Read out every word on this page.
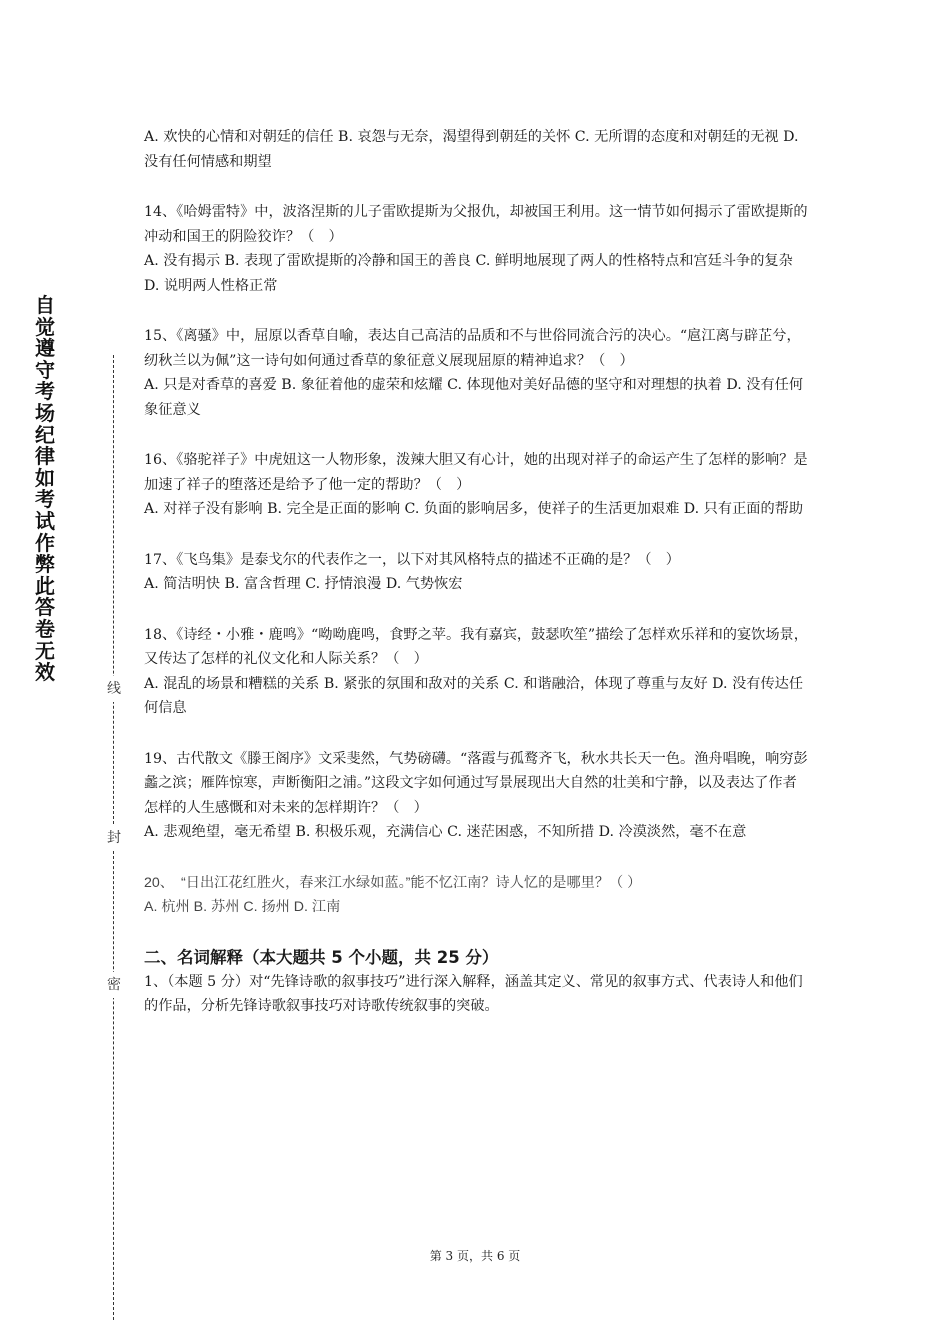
自觉遵守考场纪律如考试作弊此答卷无效
线
封
密

A. 欢快的心情和对朝廷的信任 B. 哀怨与无奈，渴望得到朝廷的关怀 C. 无所谓的态度和对朝廷的无视 D. 没有任何情感和期望

14、《哈姆雷特》中，波洛涅斯的儿子雷欧提斯为父报仇，却被国王利用。这一情节如何揭示了雷欧提斯的冲动和国王的阴险狡诈？（　）

A. 没有揭示 B. 表现了雷欧提斯的冷静和国王的善良 C. 鲜明地展现了两人的性格特点和宫廷斗争的复杂 D. 说明两人性格正常

15、《离骚》中，屈原以香草自喻，表达自己高洁的品质和不与世俗同流合污的决心。“扈江离与辟芷兮，纫秋兰以为佩”这一诗句如何通过香草的象征意义展现屈原的精神追求？（　）

A. 只是对香草的喜爱 B. 象征着他的虚荣和炫耀 C. 体现他对美好品德的坚守和对理想的执着 D. 没有任何象征意义

16、《骆驼祥子》中虎妞这一人物形象，泼辣大胆又有心计，她的出现对祥子的命运产生了怎样的影响？是加速了祥子的堕落还是给予了他一定的帮助？（　）

A. 对祥子没有影响 B. 完全是正面的影响 C. 负面的影响居多，使祥子的生活更加艰难 D. 只有正面的帮助

17、《飞鸟集》是泰戈尔的代表作之一，以下对其风格特点的描述不正确的是？（　）

A. 简洁明快 B. 富含哲理 C. 抒情浪漫 D. 气势恢宏

18、《诗经・小雅・鹿鸣》“呦呦鹿鸣，食野之苹。我有嘉宾，鼓瑟吹笙”描绘了怎样欢乐祥和的宴饮场景，又传达了怎样的礼仪文化和人际关系？（　）

A. 混乱的场景和糟糕的关系 B. 紧张的氛围和敌对的关系 C. 和谐融洽，体现了尊重与友好 D. 没有传达任何信息

19、古代散文《滕王阁序》文采斐然，气势磅礴。“落霞与孤鹜齐飞，秋水共长天一色。渔舟唱晚，响穷彭蠡之滨；雁阵惊寒，声断衡阳之浦。”这段文字如何通过写景展现出大自然的壮美和宁静，以及表达了作者怎样的人生感慨和对未来的怎样期许？（　）

A. 悲观绝望，毫无希望 B. 积极乐观，充满信心 C. 迷茫困惑，不知所措 D. 冷漠淡然，毫不在意

20、　“日出江花红胜火，春来江水绿如蓝。”能不忆江南？诗人忆的是哪里？（ ）

A. 杭州 B. 苏州 C. 扬州 D. 江南

二、名词解释（本大题共 5 个小题，共 25 分）

1、（本题 5 分）对“先锋诗歌的叙事技巧”进行深入解释，涵盖其定义、常见的叙事方式、代表诗人和他们的作品，分析先锋诗歌叙事技巧对诗歌传统叙事的突破。

第 3 页，共 6 页
